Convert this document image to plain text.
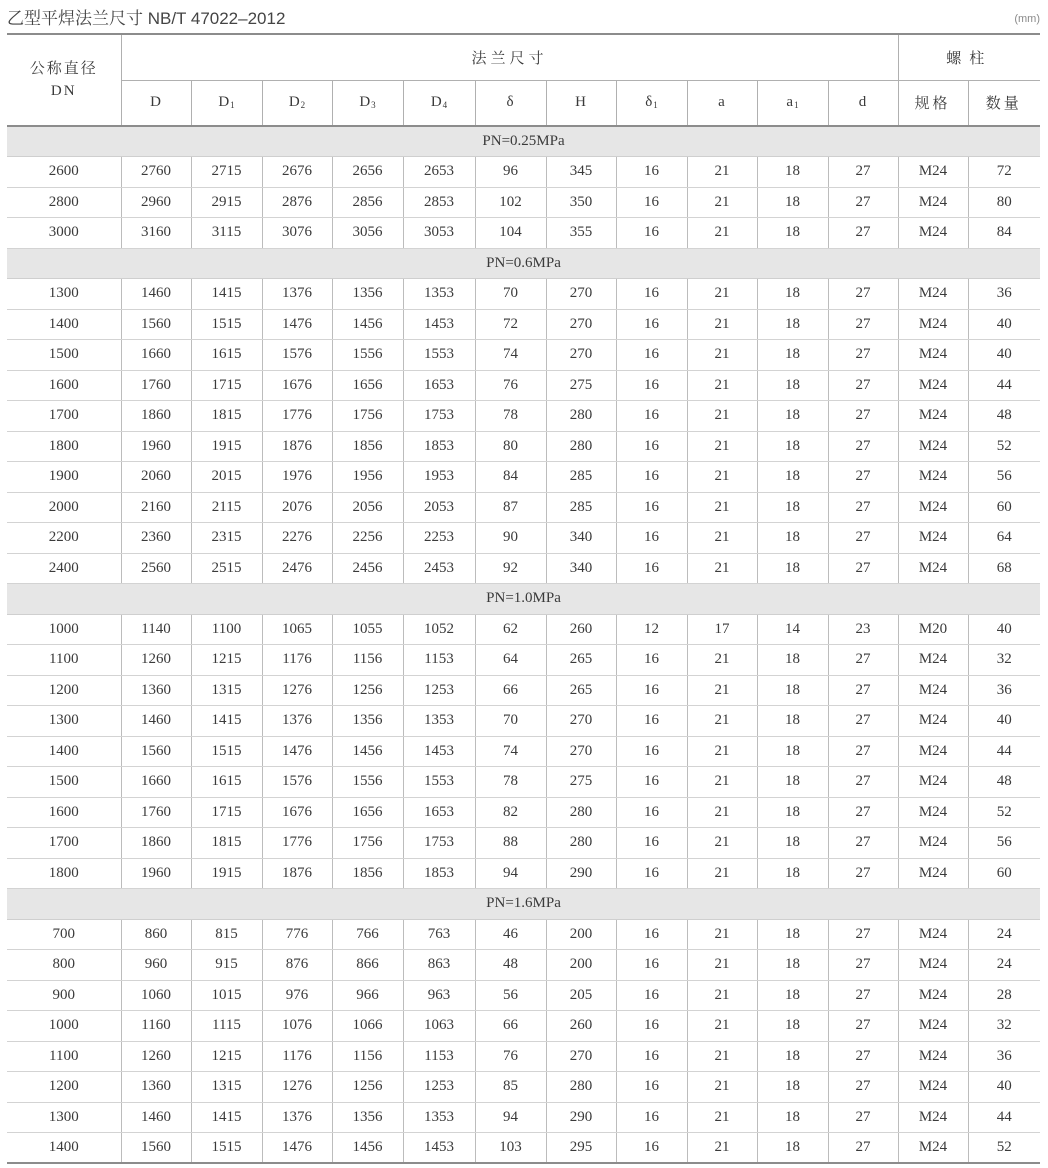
乙型平焊法兰尺寸 NB/T 47022–2012	(mm)
公称直径
DN	法兰尺寸											螺柱	
	D	$D_1$	$D_2$	$D_3$	$D_4$	δ	H	$\delta_1$	a	$a_1$	d	规格	数量
PN=0.25MPa													
2600	2760	2715	2676	2656	2653	96	345	16	21	18	27	M24	72
2800	2960	2915	2876	2856	2853	102	350	16	21	18	27	M24	80
3000	3160	3115	3076	3056	3053	104	355	16	21	18	27	M24	84
PN=0.6MPa													
1300	1460	1415	1376	1356	1353	70	270	16	21	18	27	M24	36
1400	1560	1515	1476	1456	1453	72	270	16	21	18	27	M24	40
1500	1660	1615	1576	1556	1553	74	270	16	21	18	27	M24	40
1600	1760	1715	1676	1656	1653	76	275	16	21	18	27	M24	44
1700	1860	1815	1776	1756	1753	78	280	16	21	18	27	M24	48
1800	1960	1915	1876	1856	1853	80	280	16	21	18	27	M24	52
1900	2060	2015	1976	1956	1953	84	285	16	21	18	27	M24	56
2000	2160	2115	2076	2056	2053	87	285	16	21	18	27	M24	60
2200	2360	2315	2276	2256	2253	90	340	16	21	18	27	M24	64
2400	2560	2515	2476	2456	2453	92	340	16	21	18	27	M24	68
PN=1.0MPa													
1000	1140	1100	1065	1055	1052	62	260	12	17	14	23	M20	40
1100	1260	1215	1176	1156	1153	64	265	16	21	18	27	M24	32
1200	1360	1315	1276	1256	1253	66	265	16	21	18	27	M24	36
1300	1460	1415	1376	1356	1353	70	270	16	21	18	27	M24	40
1400	1560	1515	1476	1456	1453	74	270	16	21	18	27	M24	44
1500	1660	1615	1576	1556	1553	78	275	16	21	18	27	M24	48
1600	1760	1715	1676	1656	1653	82	280	16	21	18	27	M24	52
1700	1860	1815	1776	1756	1753	88	280	16	21	18	27	M24	56
1800	1960	1915	1876	1856	1853	94	290	16	21	18	27	M24	60
PN=1.6MPa													
700	860	815	776	766	763	46	200	16	21	18	27	M24	24
800	960	915	876	866	863	48	200	16	21	18	27	M24	24
900	1060	1015	976	966	963	56	205	16	21	18	27	M24	28
1000	1160	1115	1076	1066	1063	66	260	16	21	18	27	M24	32
1100	1260	1215	1176	1156	1153	76	270	16	21	18	27	M24	36
1200	1360	1315	1276	1256	1253	85	280	16	21	18	27	M24	40
1300	1460	1415	1376	1356	1353	94	290	16	21	18	27	M24	44
1400	1560	1515	1476	1456	1453	103	295	16	21	18	27	M24	52
